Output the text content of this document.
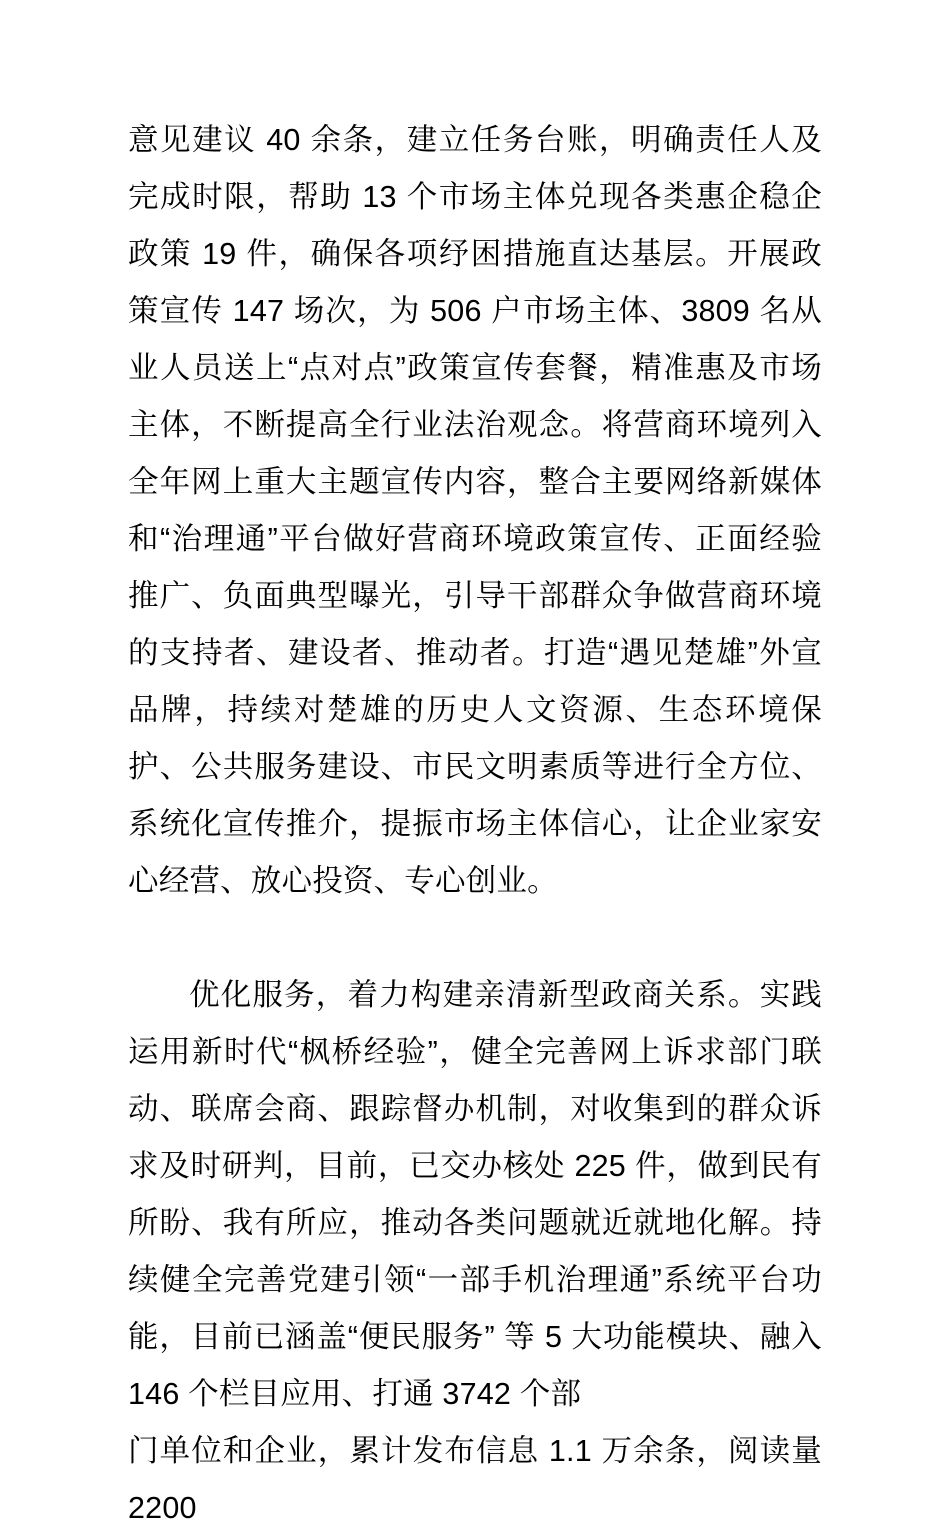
意见建议 40 余条，建立任务台账，明确责任人及完成时限，帮助 13 个市场主体兑现各类惠企稳企政策 19 件，确保各项纾困措施直达基层。开展政策宣传 147 场次，为 506 户市场主体、3809 名从业人员送上“点对点”政策宣传套餐，精准惠及市场主体，不断提高全行业法治观念。将营商环境列入全年网上重大主题宣传内容，整合主要网络新媒体和“治理通”平台做好营商环境政策宣传、正面经验推广、负面典型曝光，引导干部群众争做营商环境的支持者、建设者、推动者。打造“遇见楚雄”外宣品牌，持续对楚雄的历史人文资源、生态环境保护、公共服务建设、市民文明素质等进行全方位、系统化宣传推介，提振市场主体信心，让企业家安心经营、放心投资、专心创业。

优化服务，着力构建亲清新型政商关系。实践运用新时代“枫桥经验”，健全完善网上诉求部门联动、联席会商、跟踪督办机制，对收集到的群众诉求及时研判，目前，已交办核处 225 件，做到民有所盼、我有所应，推动各类问题就近就地化解。持续健全完善党建引领“一部手机治理通”系统平台功能，目前已涵盖“便民服务” 等 5 大功能模块、融入 146 个栏目应用、打通 3742 个部

门单位和企业，累计发布信息 1.1 万余条，阅读量 2200
